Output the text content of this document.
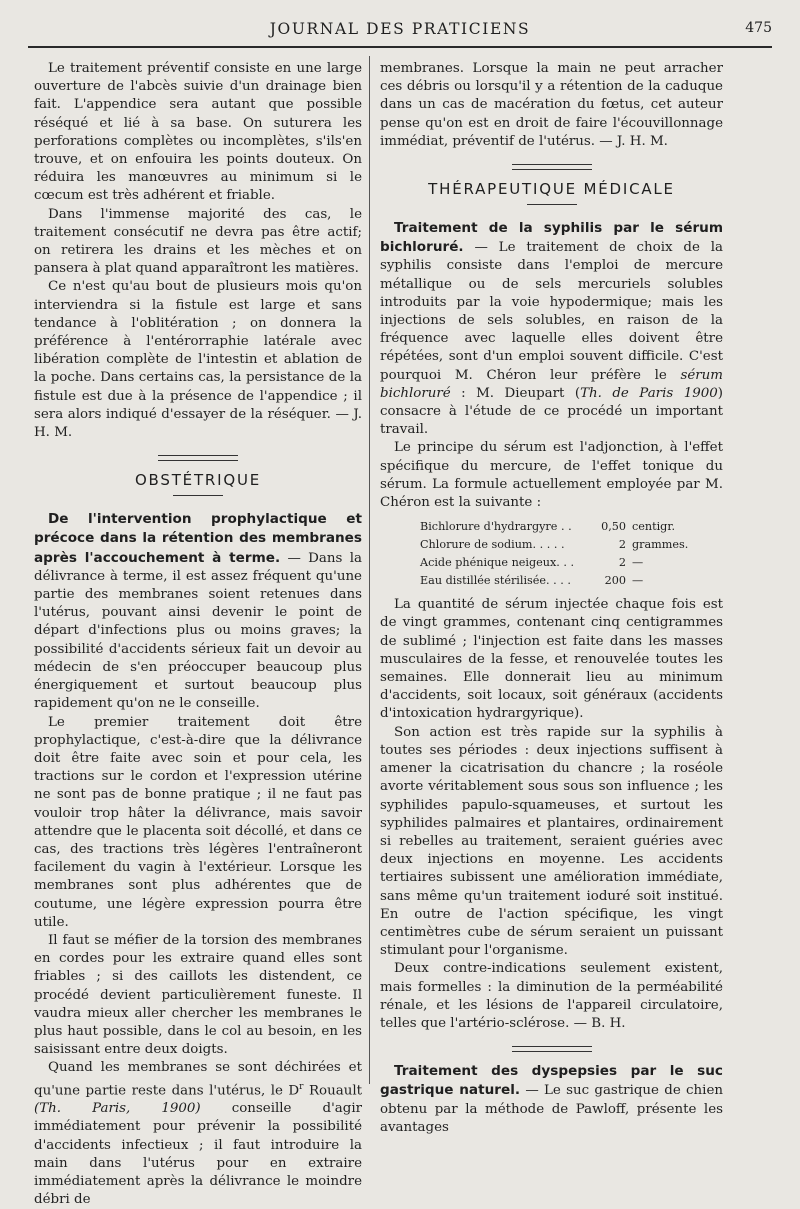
JOURNAL DES PRATICIENS	475

Le traitement préventif consiste en une large ouverture de l'abcès suivie d'un drainage bien fait. L'appendice sera autant que possible réséqué et lié à sa base. On suturera les perforations complètes ou incomplètes, s'ils'en trouve, et on enfouira les points douteux. On réduira les manœuvres au minimum si le cœcum est très adhérent et friable.

Dans l'immense majorité des cas, le traitement consécutif ne devra pas être actif; on retirera les drains et les mèches et on pansera à plat quand apparaîtront les matières.

Ce n'est qu'au bout de plusieurs mois qu'on interviendra si la fistule est large et sans tendance à l'oblitération ; on donnera la préférence à l'entérorraphie latérale avec libération complète de l'intestin et ablation de la poche. Dans certains cas, la persistance de la fistule est due à la présence de l'appendice ; il sera alors indiqué d'essayer de la réséquer. — J. H. M.

OBSTÉTRIQUE

De l'intervention prophylactique et précoce dans la rétention des membranes après l'accouchement à terme. — Dans la délivrance à terme, il est assez fréquent qu'une partie des membranes soient retenues dans l'utérus, pouvant ainsi devenir le point de départ d'infections plus ou moins graves; la possibilité d'accidents sérieux fait un devoir au médecin de s'en préoccuper beaucoup plus énergiquement et surtout beaucoup plus rapidement qu'on ne le conseille.

Le premier traitement doit être prophylactique, c'est-à-dire que la délivrance doit être faite avec soin et pour cela, les tractions sur le cordon et l'expression utérine ne sont pas de bonne pratique ; il ne faut pas vouloir trop hâter la délivrance, mais savoir attendre que le placenta soit décollé, et dans ce cas, des tractions très légères l'entraîneront facilement du vagin à l'extérieur. Lorsque les membranes sont plus adhérentes que de coutume, une légère expression pourra être utile.

Il faut se méfier de la torsion des membranes en cordes pour les extraire quand elles sont friables ; si des caillots les distendent, ce procédé devient particulièrement funeste. Il vaudra mieux aller chercher les membranes le plus haut possible, dans le col au besoin, en les saisissant entre deux doigts.

Quand les membranes se sont déchirées et qu'une partie reste dans l'utérus, le $D^r$ Rouault (Th. Paris, 1900) conseille d'agir immédiatement pour prévenir la possibilité d'accidents infectieux ; il faut introduire la main dans l'utérus pour en extraire immédiatement après la délivrance le moindre débri de

membranes. Lorsque la main ne peut arracher ces débris ou lorsqu'il y a rétention de la caduque dans un cas de macération du fœtus, cet auteur pense qu'on est en droit de faire l'écouvillonnage immédiat, préventif de l'utérus. — J. H. M.

THÉRAPEUTIQUE MÉDICALE

Traitement de la syphilis par le sérum bichloruré. — Le traitement de choix de la syphilis consiste dans l'emploi de mercure métallique ou de sels mercuriels solubles introduits par la voie hypodermique; mais les injections de sels solubles, en raison de la fréquence avec laquelle elles doivent être répétées, sont d'un emploi souvent difficile. C'est pourquoi M. Chéron leur préfère le sérum bichloruré : M. Dieupart (Th. de Paris 1900) consacre à l'étude de ce procédé un important travail.

Le principe du sérum est l'adjonction, à l'effet spécifique du mercure, de l'effet tonique du sérum. La formule actuellement employée par M. Chéron est la suivante :

Bichlorure d'hydrargyre . .	0,50	centigr.
Chlorure de sodium. . . . .	2	grammes.
Acide phénique neigeux. . .	2	—
Eau distillée stérilisée. . . .	200	—

La quantité de sérum injectée chaque fois est de vingt grammes, contenant cinq centigrammes de sublimé ; l'injection est faite dans les masses musculaires de la fesse, et renouvelée toutes les semaines. Elle donnerait lieu au minimum d'accidents, soit locaux, soit généraux (accidents d'intoxication hydrargyrique).

Son action est très rapide sur la syphilis à toutes ses périodes : deux injections suffisent à amener la cicatrisation du chancre ; la roséole avorte véritablement sous sous son influence ; les syphilides papulo-squameuses, et surtout les syphilides palmaires et plantaires, ordinairement si rebelles au traitement, seraient guéries avec deux injections en moyenne. Les accidents tertiaires subissent une amélioration immédiate, sans même qu'un traitement ioduré soit institué. En outre de l'action spécifique, les vingt centimètres cube de sérum seraient un puissant stimulant pour l'organisme.

Deux contre-indications seulement existent, mais formelles : la diminution de la perméabilité rénale, et les lésions de l'appareil circulatoire, telles que l'artério-sclérose. — B. H.

Traitement des dyspepsies par le suc gastrique naturel. — Le suc gastrique de chien obtenu par la méthode de Pawloff, présente les avantages
